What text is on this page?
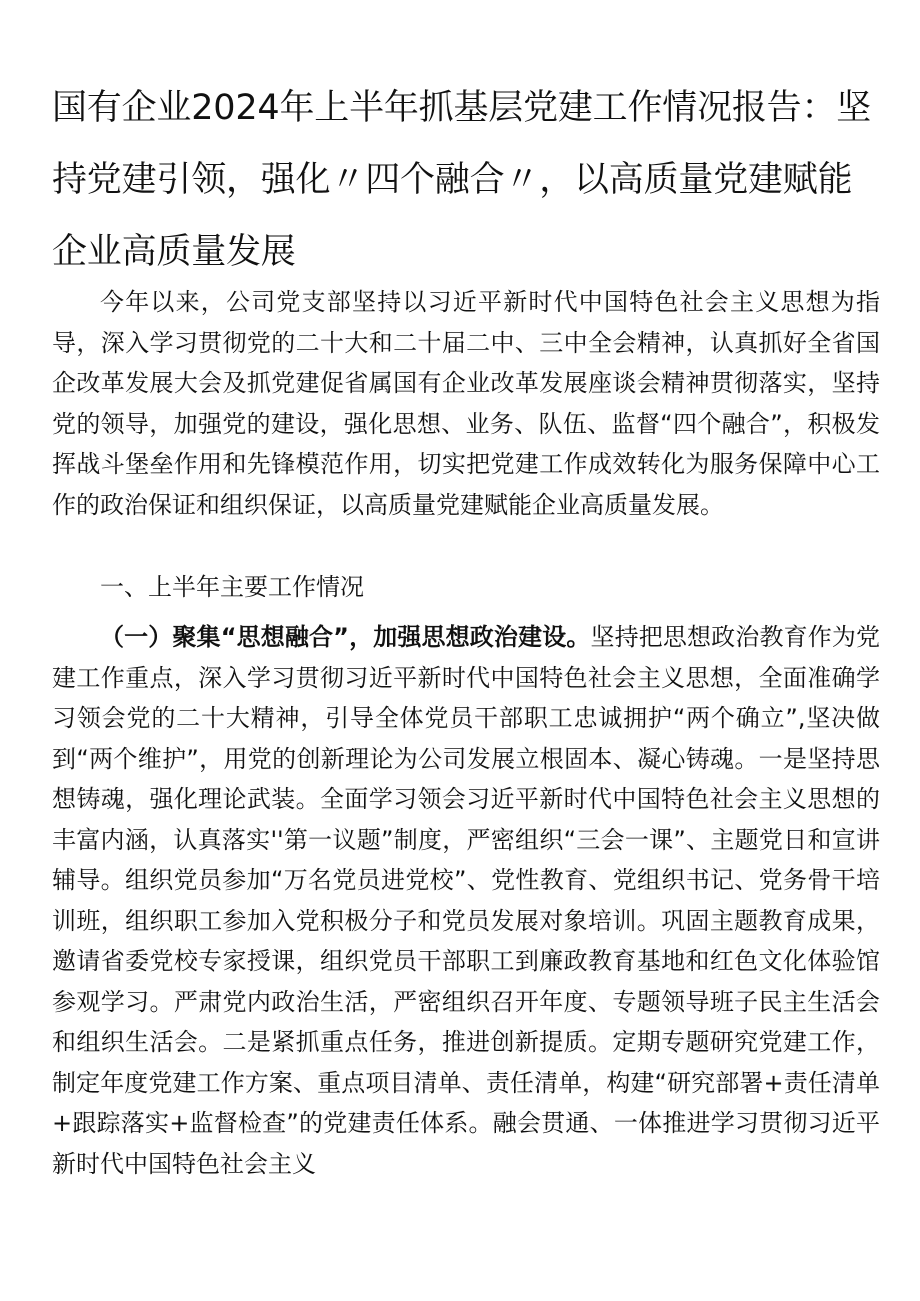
国有企业2024年上半年抓基层党建工作情况报告：坚持党建引领，强化〃四个融合〃，以高质量党建赋能企业高质量发展

今年以来，公司党支部坚持以习近平新时代中国特色社会主义思想为指导，深入学习贯彻党的二十大和二十届二中、三中全会精神，认真抓好全省国企改革发展大会及抓党建促省属国有企业改革发展座谈会精神贯彻落实，坚持党的领导，加强党的建设，强化思想、业务、队伍、监督“四个融合”，积极发挥战斗堡垒作用和先锋模范作用，切实把党建工作成效转化为服务保障中心工作的政治保证和组织保证，以高质量党建赋能企业高质量发展。

一、上半年主要工作情况

（一）聚集“思想融合”，加强思想政治建设。坚持把思想政治教育作为党建工作重点，深入学习贯彻习近平新时代中国特色社会主义思想，全面准确学习领会党的二十大精神，引导全体党员干部职工忠诚拥护“两个确立”,坚决做到“两个维护”，用党的创新理论为公司发展立根固本、凝心铸魂。一是坚持思想铸魂，强化理论武装。全面学习领会习近平新时代中国特色社会主义思想的丰富内涵，认真落实''第一议题”制度，严密组织“三会一课”、主题党日和宣讲辅导。组织党员参加“万名党员进党校”、党性教育、党组织书记、党务骨干培训班，组织职工参加入党积极分子和党员发展对象培训。巩固主题教育成果，邀请省委党校专家授课，组织党员干部职工到廉政教育基地和红色文化体验馆参观学习。严肃党内政治生活，严密组织召开年度、专题领导班子民主生活会和组织生活会。二是紧抓重点任务，推进创新提质。定期专题研究党建工作，制定年度党建工作方案、重点项目清单、责任清单，构建“研究部署+责任清单+跟踪落实+监督检查”的党建责任体系。融会贯通、一体推进学习贯彻习近平新时代中国特色社会主义
